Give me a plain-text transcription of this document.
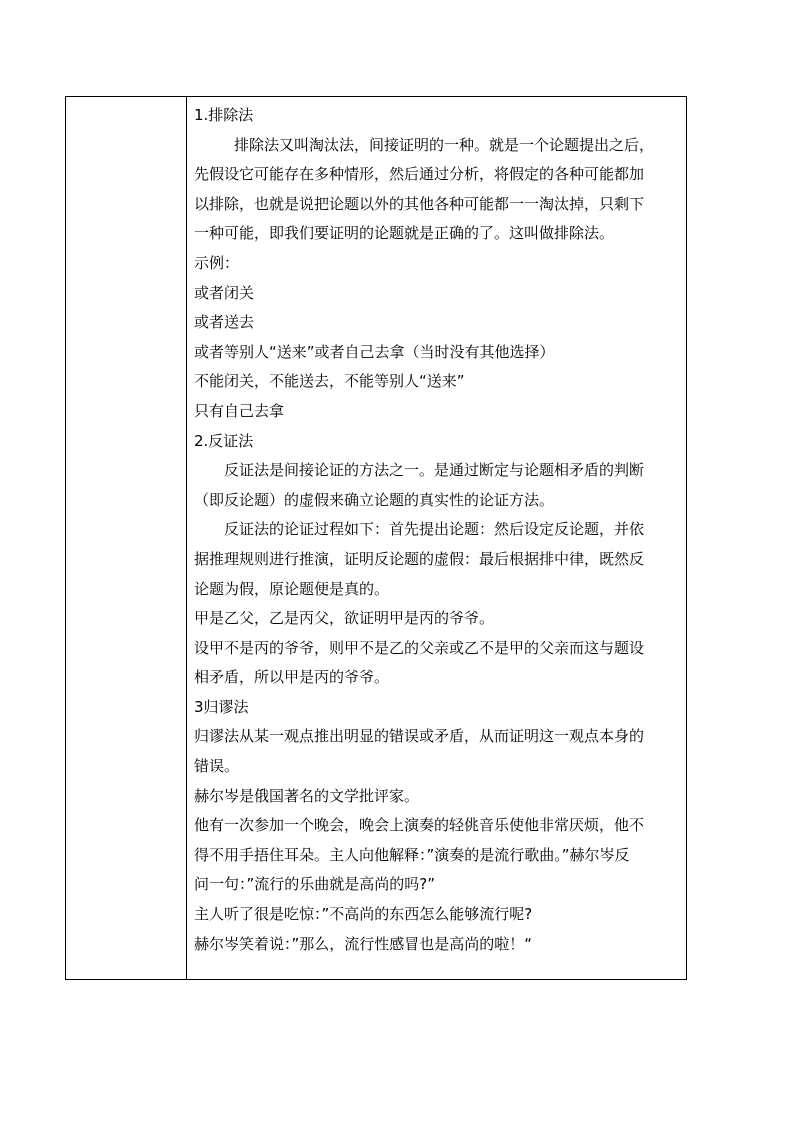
1.排除法

排除法又叫淘汰法，间接证明的一种。就是一个论题提出之后，

先假设它可能存在多种情形，然后通过分析，将假定的各种可能都加

以排除，也就是说把论题以外的其他各种可能都一一淘汰掉，只剩下

一种可能，即我们要证明的论题就是正确的了。这叫做排除法。

示例：

或者闭关

或者送去

或者等别人“送来”或者自己去拿（当时没有其他选择）

不能闭关，不能送去，不能等别人“送来”

只有自己去拿

2.反证法

反证法是间接论证的方法之一。是通过断定与论题相矛盾的判断

（即反论题）的虚假来确立论题的真实性的论证方法。

反证法的论证过程如下：首先提出论题：然后设定反论题，并依

据推理规则进行推演，证明反论题的虚假：最后根据排中律，既然反

论题为假，原论题便是真的。

甲是乙父，乙是丙父，欲证明甲是丙的爷爷。

设甲不是丙的爷爷，则甲不是乙的父亲或乙不是甲的父亲而这与题设

相矛盾，所以甲是丙的爷爷。

3归谬法

归谬法从某一观点推出明显的错误或矛盾，从而证明这一观点本身的

错误。

赫尔岑是俄国著名的文学批评家。

他有一次参加一个晚会，晚会上演奏的轻佻音乐使他非常厌烦，他不

得不用手捂住耳朵。主人向他解释：”演奏的是流行歌曲。”赫尔岑反

问一句：”流行的乐曲就是高尚的吗?”

主人听了很是吃惊：”不高尚的东西怎么能够流行呢?

赫尔岑笑着说：”那么，流行性感冒也是高尚的啦！“
